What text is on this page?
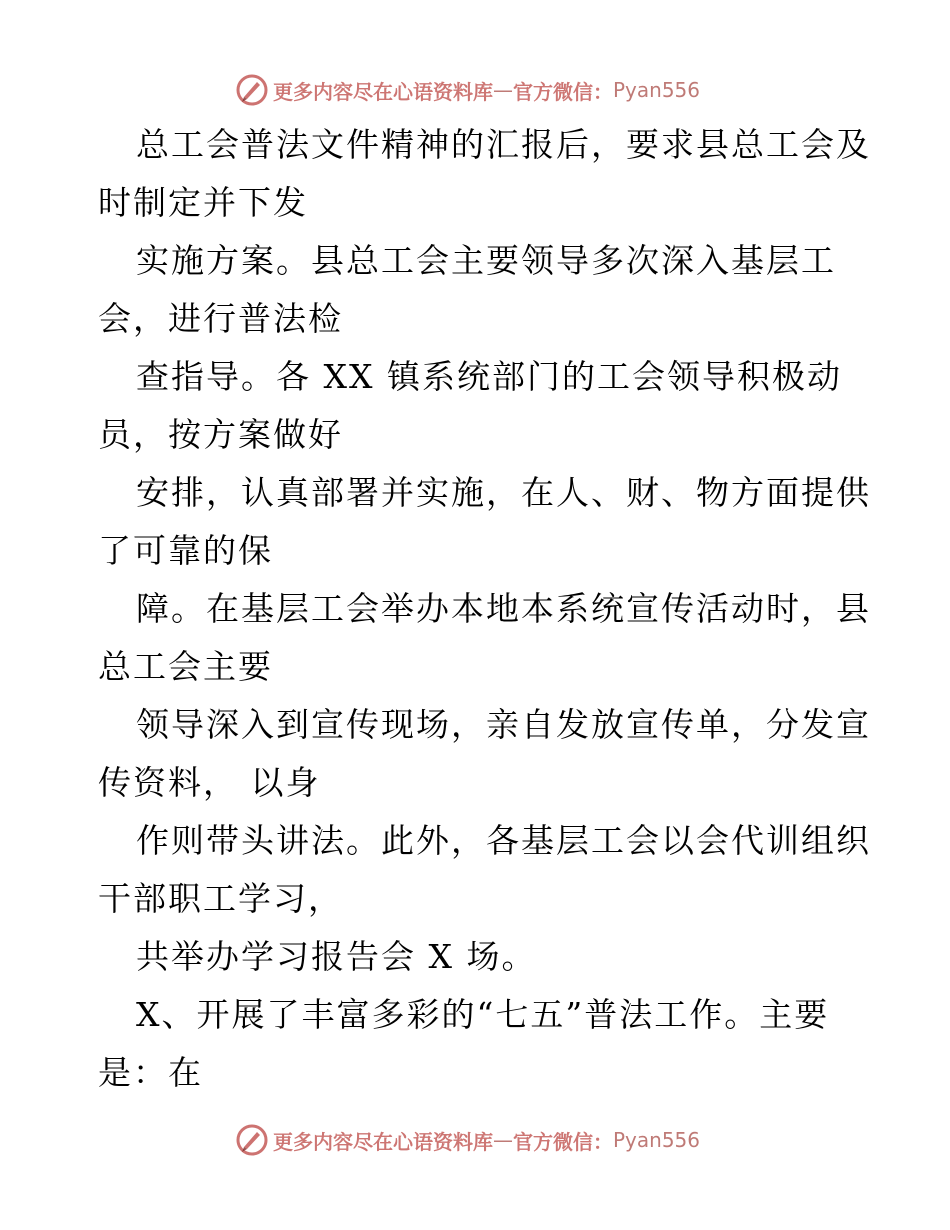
更多内容尽在心语资料库 — 官方微信： Pyan556
总工会普法文件精神的汇报后，要求县总工会及
时制定并下发
实施方案。县总工会主要领导多次深入基层工
会，进行普法检
查指导。各 XX 镇系统部门的工会领导积极动
员，按方案做好
安排，认真部署并实施，在人、财、物方面提供
了可靠的保
障。在基层工会举办本地本系统宣传活动时，县
总工会主要
领导深入到宣传现场，亲自发放宣传单，分发宣
传资料， 以身
作则带头讲法。此外，各基层工会以会代训组织
干部职工学习，
共举办学习报告会 X 场。
X、开展了丰富多彩的“七五”普法工作。主要
是：在
更多内容尽在心语资料库 — 官方微信： Pyan556
